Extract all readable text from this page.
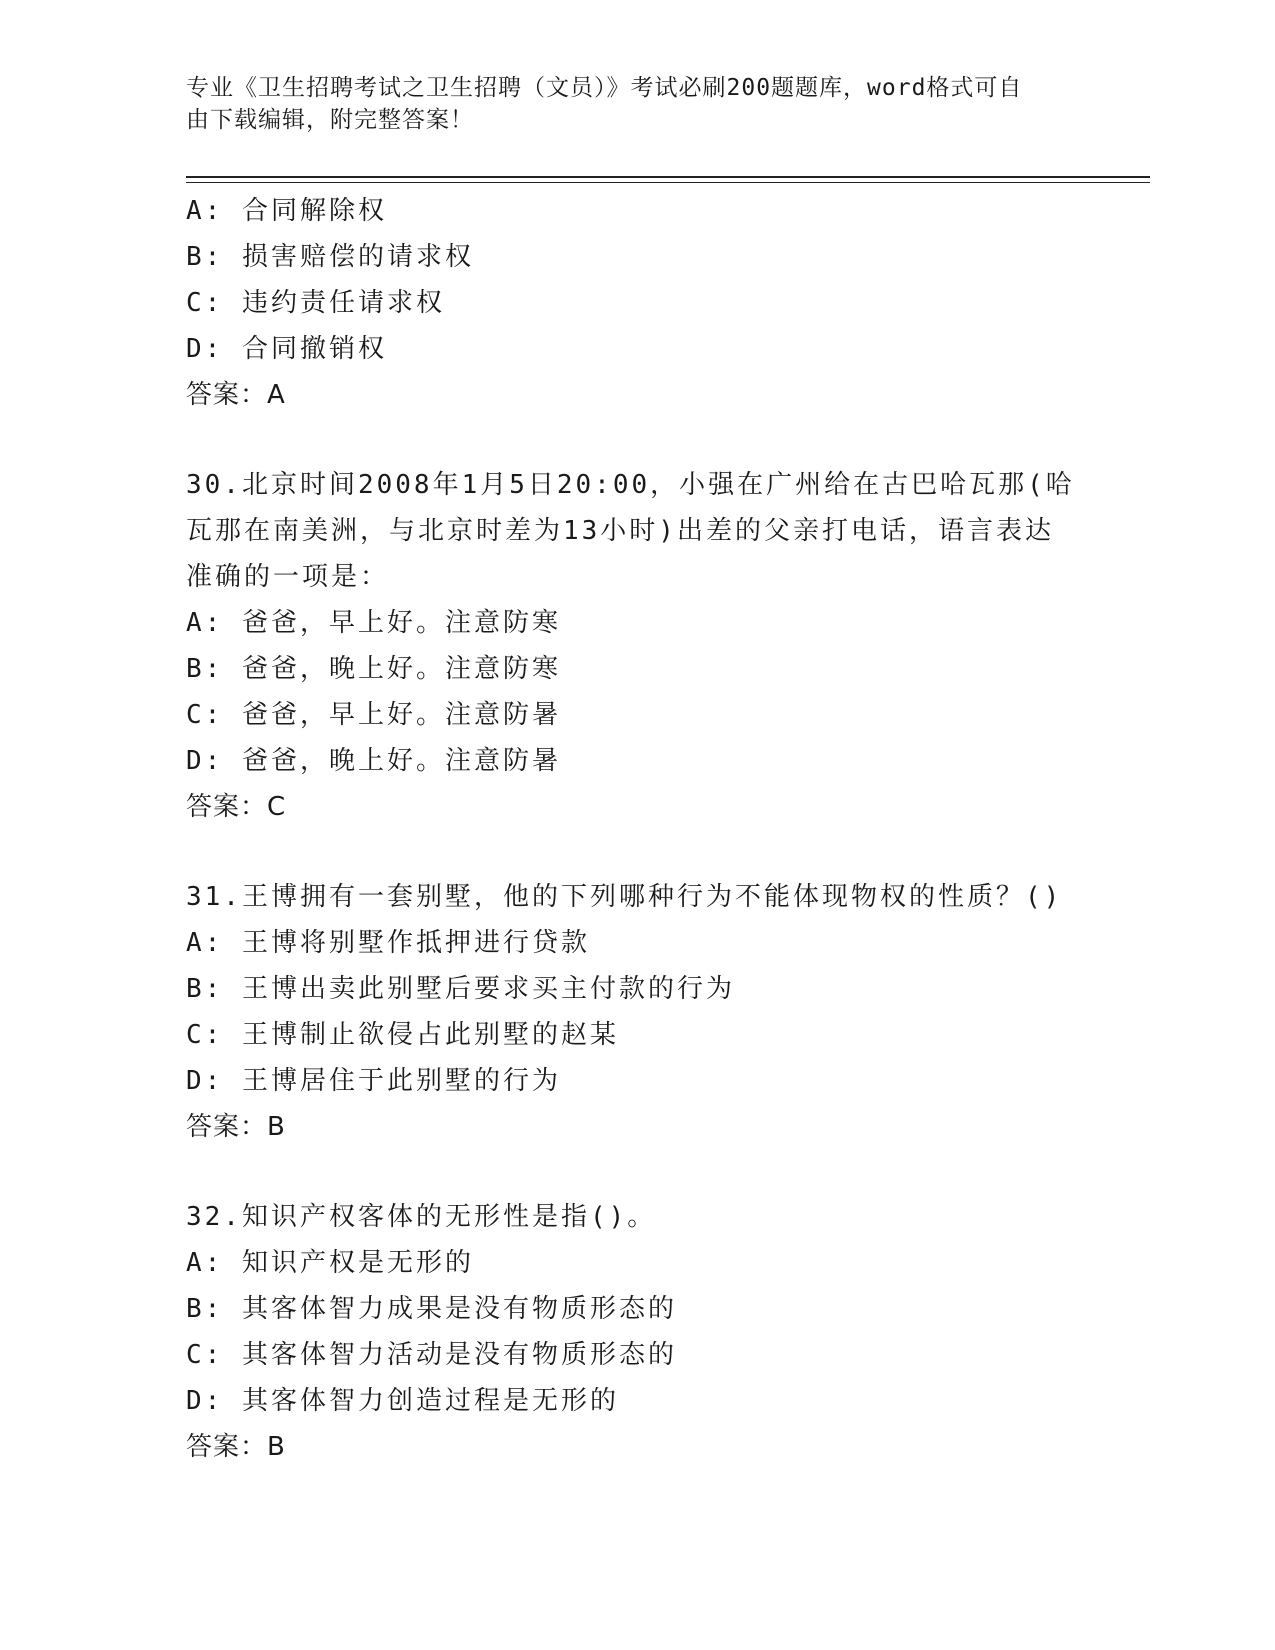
专业《卫生招聘考试之卫生招聘（文员）》考试必刷200题题库，word格式可自
由下载编辑，附完整答案！
A: 合同解除权
B: 损害赔偿的请求权
C: 违约责任请求权
D: 合同撤销权
答案：A
30.北京时间2008年1月5日20:00，小强在广州给在古巴哈瓦那(哈
瓦那在南美洲，与北京时差为13小时)出差的父亲打电话，语言表达
准确的一项是：
A: 爸爸，早上好。注意防寒
B: 爸爸，晚上好。注意防寒
C: 爸爸，早上好。注意防暑
D: 爸爸，晚上好。注意防暑
答案：C
31.王博拥有一套别墅，他的下列哪种行为不能体现物权的性质？()
A: 王博将别墅作抵押进行贷款
B: 王博出卖此别墅后要求买主付款的行为
C: 王博制止欲侵占此别墅的赵某
D: 王博居住于此别墅的行为
答案：B
32.知识产权客体的无形性是指()。
A: 知识产权是无形的
B: 其客体智力成果是没有物质形态的
C: 其客体智力活动是没有物质形态的
D: 其客体智力创造过程是无形的
答案：B
